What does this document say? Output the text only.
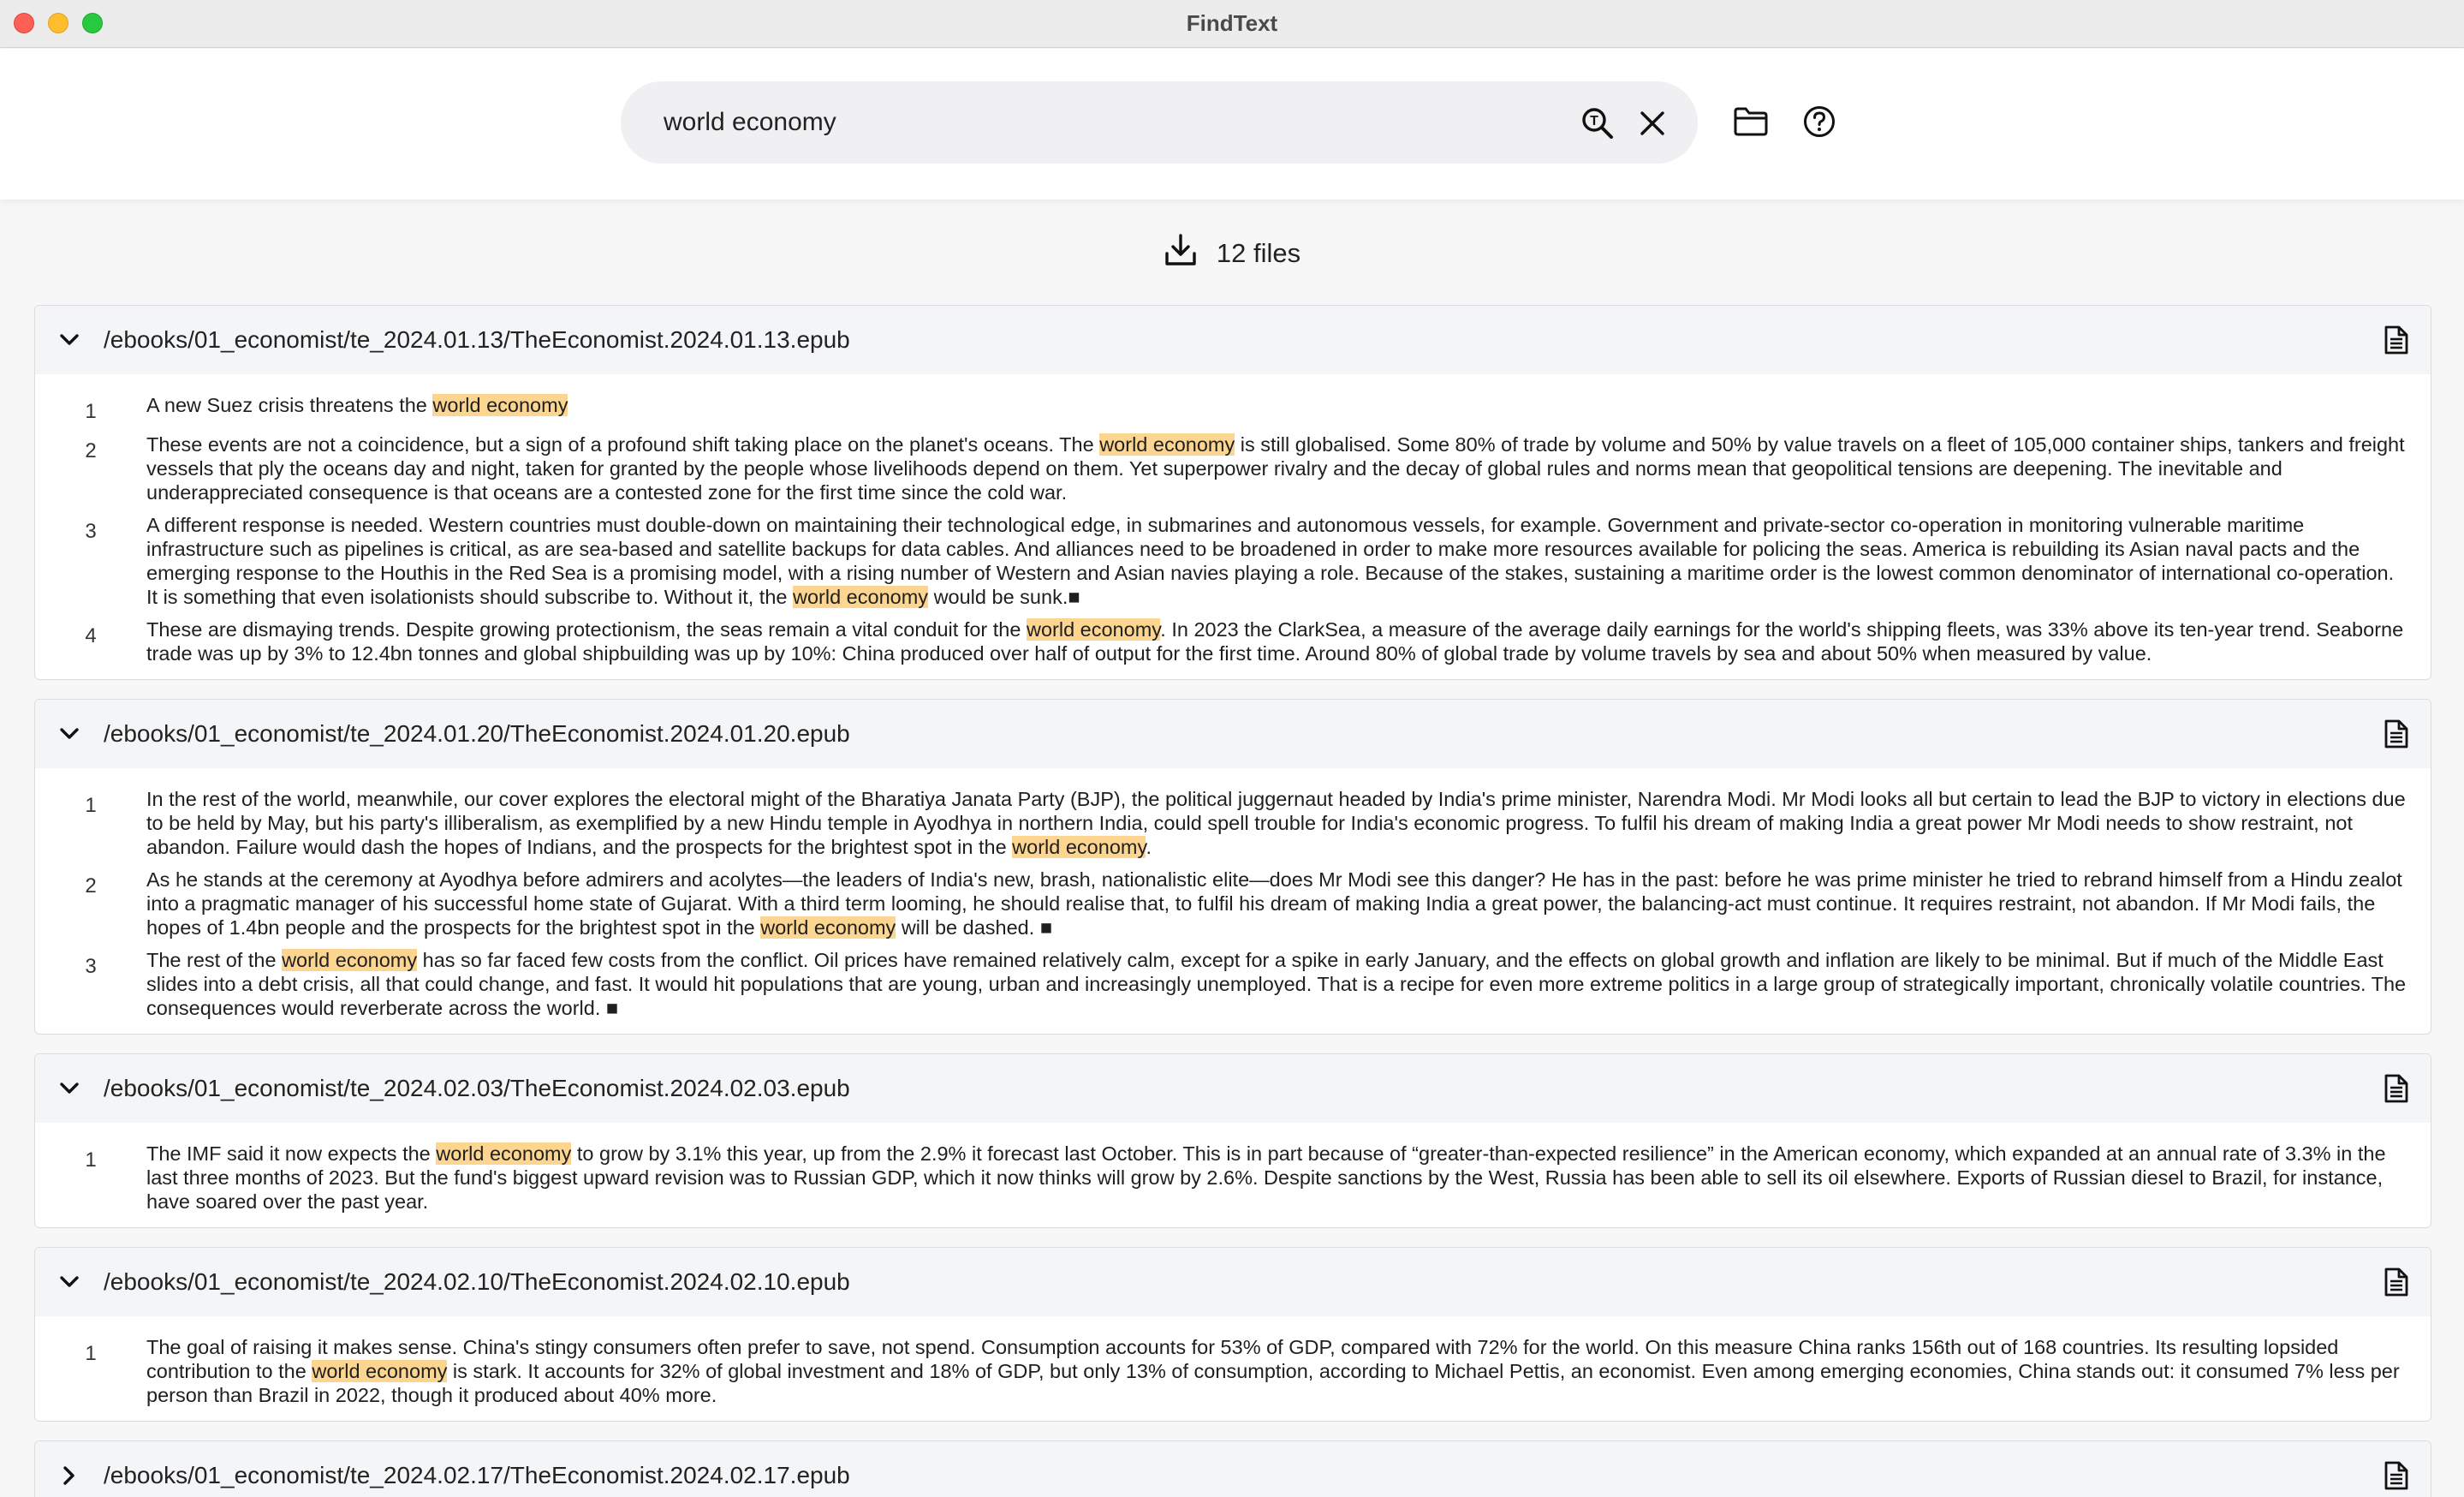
FindText
world economy
T
12 files
/ebooks/01_economist/te_2024.01.13/TheEconomist.2024.01.13.epub
1	A new Suez crisis threatens the world economy
2	These events are not a coincidence, but a sign of a profound shift taking place on the planet's oceans. The world economy is still globalised. Some 80% of trade by volume and 50% by value travels on a fleet of 105,000 container ships, tankers and freight vessels that ply the oceans day and night, taken for granted by the people whose livelihoods depend on them. Yet superpower rivalry and the decay of global rules and norms mean that geopolitical tensions are deepening. The inevitable and underappreciated consequence is that oceans are a contested zone for the first time since the cold war.
3	A different response is needed. Western countries must double-down on maintaining their technological edge, in submarines and autonomous vessels, for example. Government and private-sector co-operation in monitoring vulnerable maritime infrastructure such as pipelines is critical, as are sea-based and satellite backups for data cables. And alliances need to be broadened in order to make more resources available for policing the seas. America is rebuilding its Asian naval pacts and the emerging response to the Houthis in the Red Sea is a promising model, with a rising number of Western and Asian navies playing a role. Because of the stakes, sustaining a maritime order is the lowest common denominator of international co-operation. It is something that even isolationists should subscribe to. Without it, the world economy would be sunk.■
4	These are dismaying trends. Despite growing protectionism, the seas remain a vital conduit for the world economy. In 2023 the ClarkSea, a measure of the average daily earnings for the world's shipping fleets, was 33% above its ten-year trend. Seaborne trade was up by 3% to 12.4bn tonnes and global shipbuilding was up by 10%: China produced over half of output for the first time. Around 80% of global trade by volume travels by sea and about 50% when measured by value.
/ebooks/01_economist/te_2024.01.20/TheEconomist.2024.01.20.epub
1	In the rest of the world, meanwhile, our cover explores the electoral might of the Bharatiya Janata Party (BJP), the political juggernaut headed by India's prime minister, Narendra Modi. Mr Modi looks all but certain to lead the BJP to victory in elections due to be held by May, but his party's illiberalism, as exemplified by a new Hindu temple in Ayodhya in northern India, could spell trouble for India's economic progress. To fulfil his dream of making India a great power Mr Modi needs to show restraint, not abandon. Failure would dash the hopes of Indians, and the prospects for the brightest spot in the world economy.
2	As he stands at the ceremony at Ayodhya before admirers and acolytes—the leaders of India's new, brash, nationalistic elite—does Mr Modi see this danger? He has in the past: before he was prime minister he tried to rebrand himself from a Hindu zealot into a pragmatic manager of his successful home state of Gujarat. With a third term looming, he should realise that, to fulfil his dream of making India a great power, the balancing-act must continue. It requires restraint, not abandon. If Mr Modi fails, the hopes of 1.4bn people and the prospects for the brightest spot in the world economy will be dashed. ■
3	The rest of the world economy has so far faced few costs from the conflict. Oil prices have remained relatively calm, except for a spike in early January, and the effects on global growth and inflation are likely to be minimal. But if much of the Middle East slides into a debt crisis, all that could change, and fast. It would hit populations that are young, urban and increasingly unemployed. That is a recipe for even more extreme politics in a large group of strategically important, chronically volatile countries. The consequences would reverberate across the world. ■
/ebooks/01_economist/te_2024.02.03/TheEconomist.2024.02.03.epub
1	The IMF said it now expects the world economy to grow by 3.1% this year, up from the 2.9% it forecast last October. This is in part because of “greater-than-expected resilience” in the American economy, which expanded at an annual rate of 3.3% in the last three months of 2023. But the fund's biggest upward revision was to Russian GDP, which it now thinks will grow by 2.6%. Despite sanctions by the West, Russia has been able to sell its oil elsewhere. Exports of Russian diesel to Brazil, for instance, have soared over the past year.
/ebooks/01_economist/te_2024.02.10/TheEconomist.2024.02.10.epub
1	The goal of raising it makes sense. China's stingy consumers often prefer to save, not spend. Consumption accounts for 53% of GDP, compared with 72% for the world. On this measure China ranks 156th out of 168 countries. Its resulting lopsided contribution to the world economy is stark. It accounts for 32% of global investment and 18% of GDP, but only 13% of consumption, according to Michael Pettis, an economist. Even among emerging economies, China stands out: it consumed 7% less per person than Brazil in 2022, though it produced about 40% more.
/ebooks/01_economist/te_2024.02.17/TheEconomist.2024.02.17.epub
